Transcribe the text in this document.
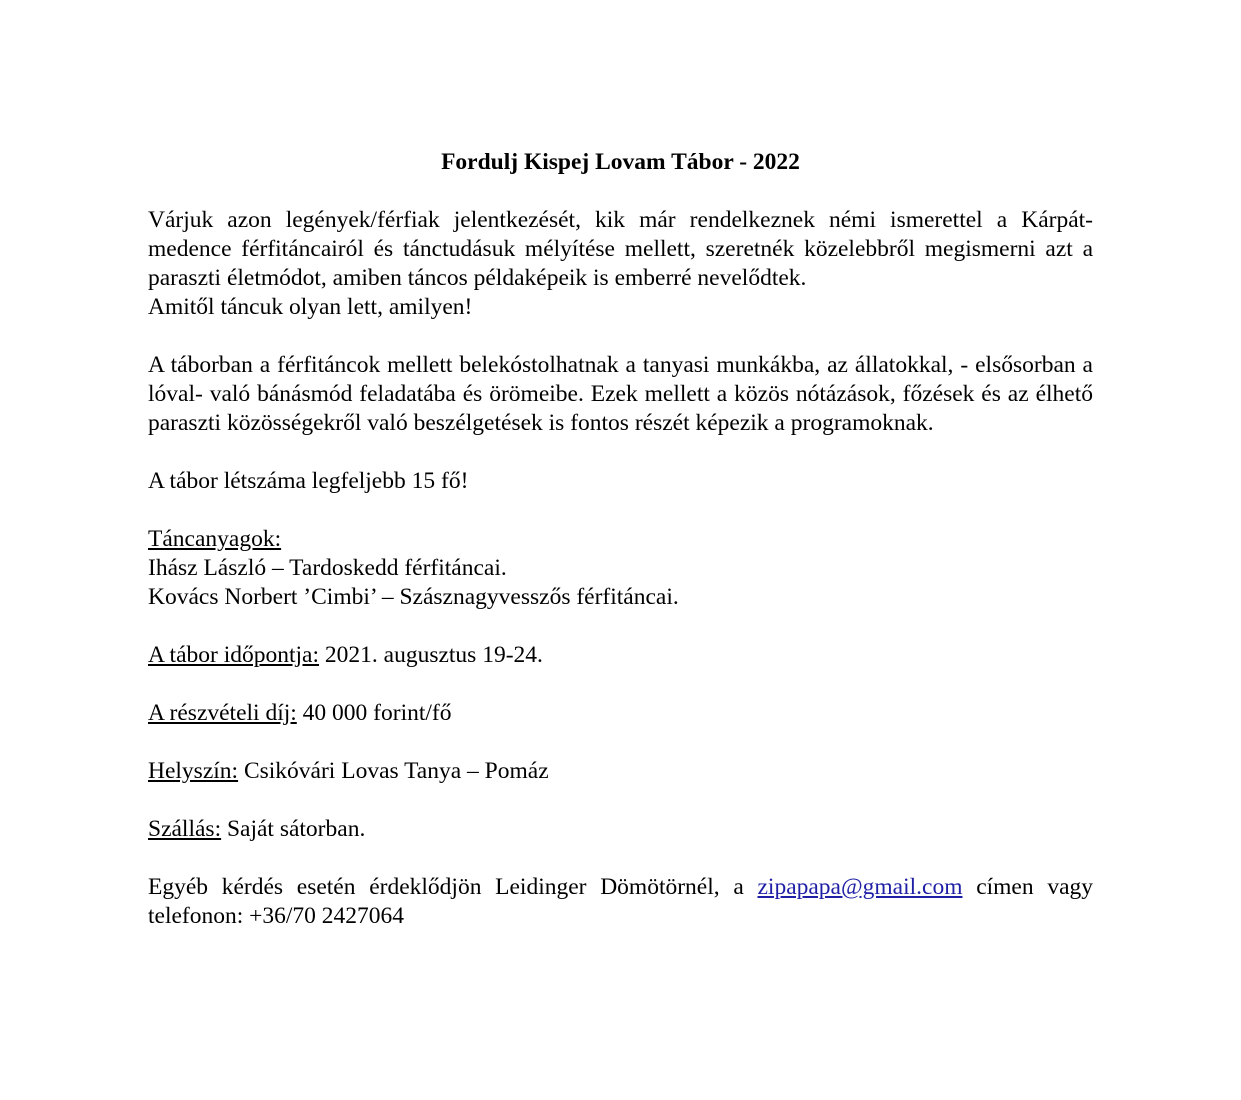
Fordulj Kispej Lovam Tábor - 2022

Várjuk azon legények/férfiak jelentkezését, kik már rendelkeznek némi ismerettel a Kárpát-medence férfitáncairól és tánctudásuk mélyítése mellett, szeretnék közelebbről megismerni azt a paraszti életmódot, amiben táncos példaképeik is emberré nevelődtek.

Amitől táncuk olyan lett, amilyen!

A táborban a férfitáncok mellett belekóstolhatnak a tanyasi munkákba, az állatokkal, - elsősorban a lóval- való bánásmód feladatába és örömeibe. Ezek mellett a közös nótázások, főzések és az élhető paraszti közösségekről való beszélgetések is fontos részét képezik a programoknak.

A tábor létszáma legfeljebb 15 fő!

Táncanyagok:

Ihász László – Tardoskedd férfitáncai.

Kovács Norbert ’Cimbi’ – Szásznagyvesszős férfitáncai.

A tábor időpontja: 2021. augusztus 19-24.

A részvételi díj: 40 000 forint/fő

Helyszín: Csikóvári Lovas Tanya – Pomáz

Szállás: Saját sátorban.

Egyéb kérdés esetén érdeklődjön Leidinger Dömötörnél, a zipapapa@gmail.com címen vagy telefonon: +36/70 2427064
